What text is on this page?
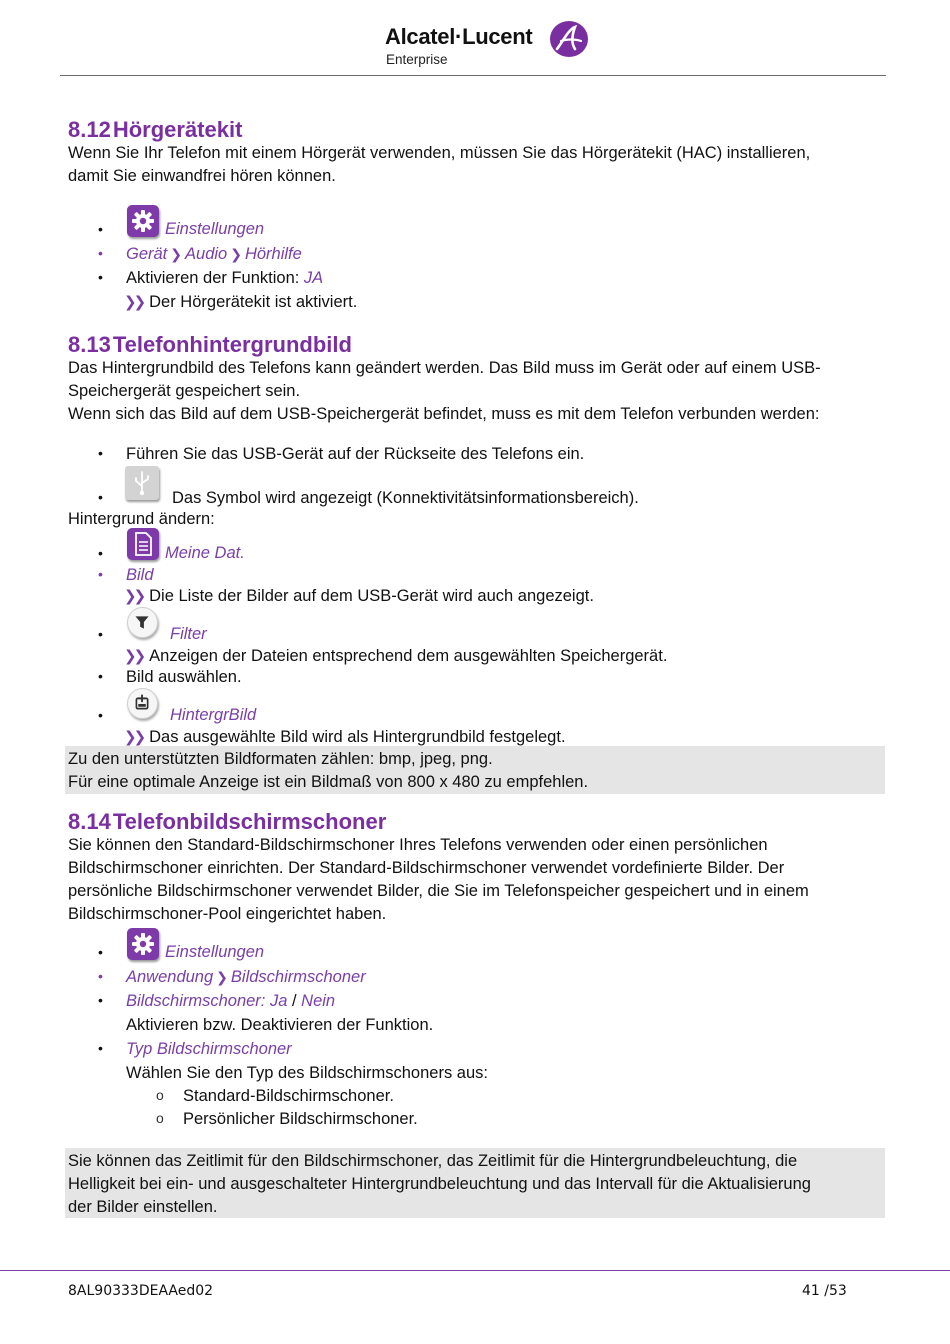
Alcatel·Lucent
Enterprise
8.12Hörgerätekit
Wenn Sie Ihr Telefon mit einem Hörgerät verwenden, müssen Sie das Hörgerätekit (HAC) installieren,
damit Sie einwandfrei hören können.
•	Einstellungen
• Gerät ❯ Audio ❯ Hörhilfe
• Aktivieren der Funktion: JA
❯❯ Der Hörgerätekit ist aktiviert.
8.13Telefonhintergrundbild
Das Hintergrundbild des Telefons kann geändert werden. Das Bild muss im Gerät oder auf einem USB-
Speichergerät gespeichert sein.
Wenn sich das Bild auf dem USB-Speichergerät befindet, muss es mit dem Telefon verbunden werden:
• Führen Sie das USB-Gerät auf der Rückseite des Telefons ein.
•	Das Symbol wird angezeigt (Konnektivitätsinformationsbereich).
Hintergrund ändern:
•	Meine Dat.
• Bild
❯❯ Die Liste der Bilder auf dem USB-Gerät wird auch angezeigt.
•	Filter
❯❯ Anzeigen der Dateien entsprechend dem ausgewählten Speichergerät.
• Bild auswählen.
•	HintergrBild
❯❯ Das ausgewählte Bild wird als Hintergrundbild festgelegt.
8.14Telefonbildschirmschoner
Sie können den Standard-Bildschirmschoner Ihres Telefons verwenden oder einen persönlichen
Bildschirmschoner einrichten. Der Standard-Bildschirmschoner verwendet vordefinierte Bilder. Der
persönliche Bildschirmschoner verwendet Bilder, die Sie im Telefonspeicher gespeichert und in einem
Bildschirmschoner-Pool eingerichtet haben.
•	Einstellungen
• Anwendung ❯ Bildschirmschoner
• Bildschirmschoner: Ja / Nein
Aktivieren bzw. Deaktivieren der Funktion.
• Typ Bildschirmschoner
Wählen Sie den Typ des Bildschirmschoners aus:
o Standard-Bildschirmschoner.
o Persönlicher Bildschirmschoner.
Zu den unterstützten Bildformaten zählen: bmp, jpeg, png.
Für eine optimale Anzeige ist ein Bildmaß von 800 x 480 zu empfehlen.
Sie können das Zeitlimit für den Bildschirmschoner, das Zeitlimit für die Hintergrundbeleuchtung, die
Helligkeit bei ein- und ausgeschalteter Hintergrundbeleuchtung und das Intervall für die Aktualisierung
der Bilder einstellen.
8AL90333DEAAed02	41 /53
